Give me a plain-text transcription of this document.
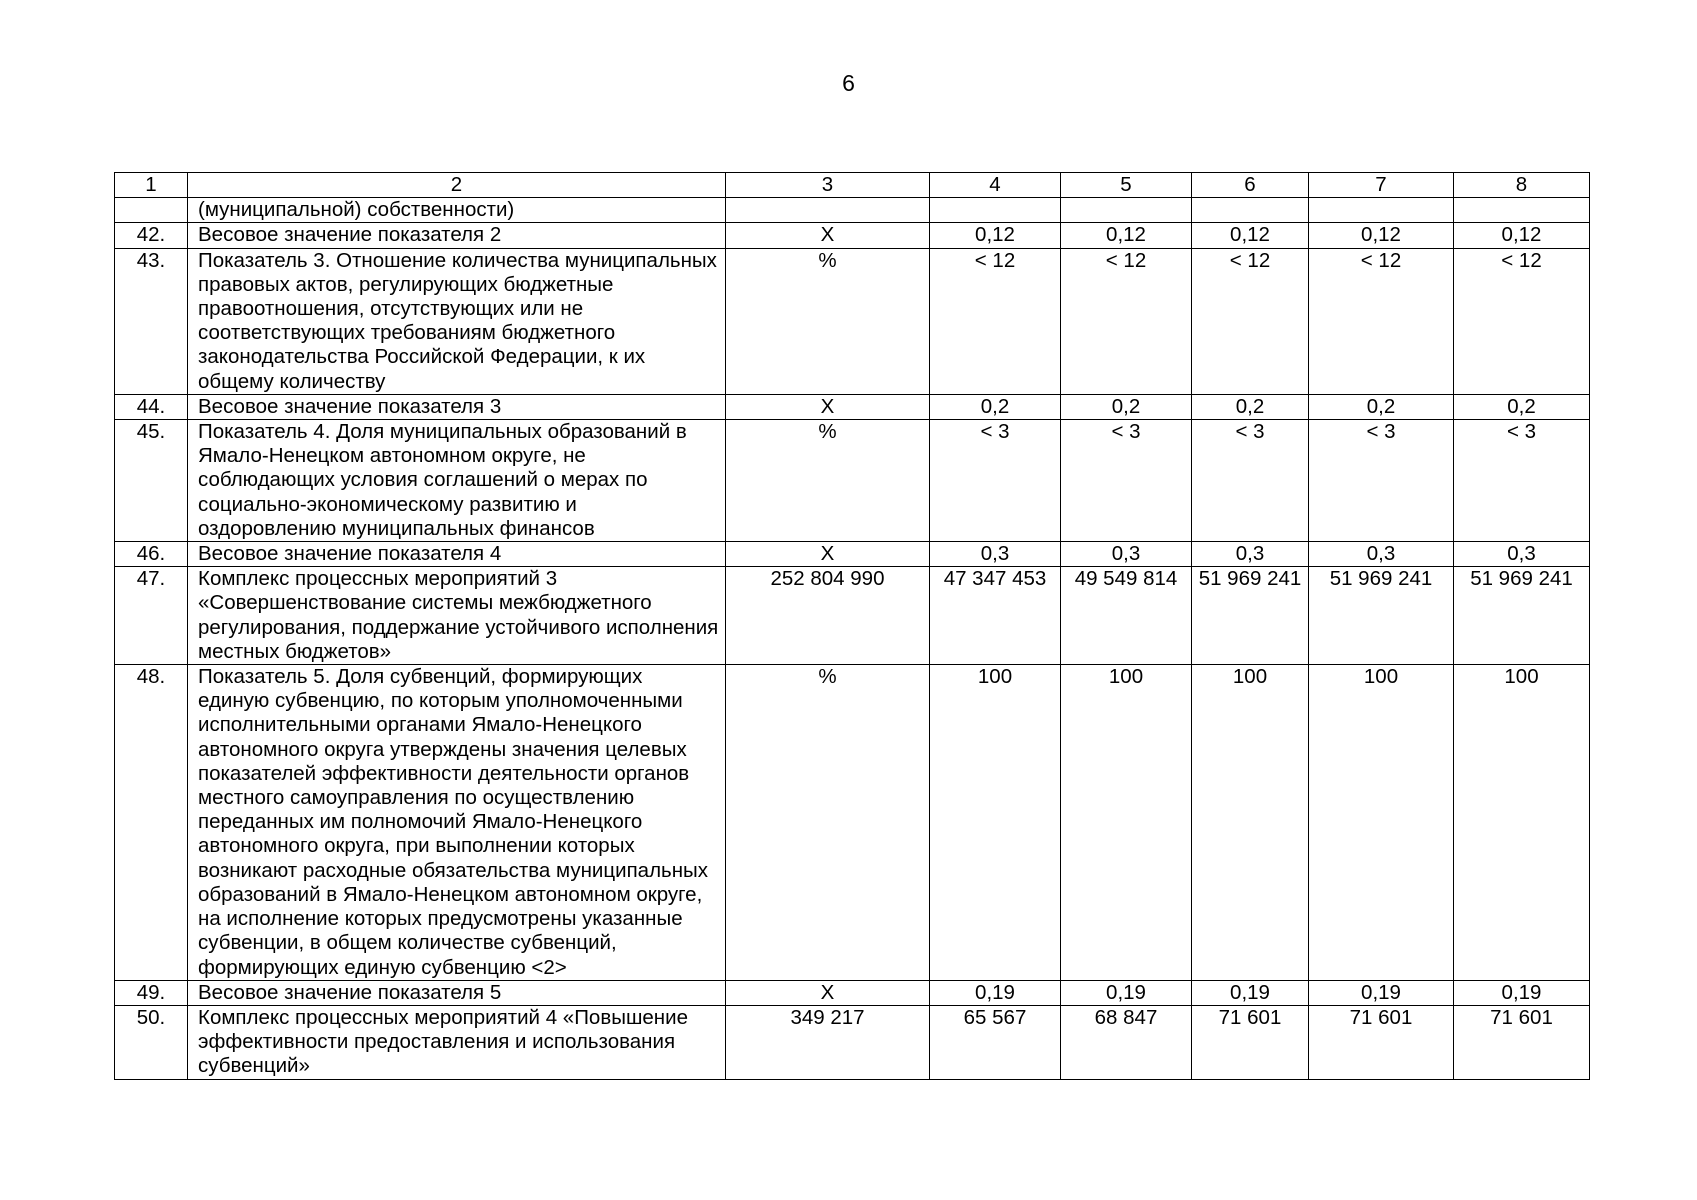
6
1	2	3	4	5	6	7	8
	(муниципальной) собственности)						
42.	Весовое значение показателя 2	X	0,12	0,12	0,12	0,12	0,12
43.	Показатель 3. Отношение количества муниципальных правовых актов, регулирующих бюджетные правоотношения, отсутствующих или не соответствующих требованиям бюджетного законодательства Российской Федерации, к их общему количеству	%	< 12	< 12	< 12	< 12	< 12
44.	Весовое значение показателя 3	X	0,2	0,2	0,2	0,2	0,2
45.	Показатель 4. Доля муниципальных образований в Ямало-Ненецком автономном округе, не соблюдающих условия соглашений о мерах по социально-экономическому развитию и оздоровлению муниципальных финансов	%	< 3	< 3	< 3	< 3	< 3
46.	Весовое значение показателя 4	X	0,3	0,3	0,3	0,3	0,3
47.	Комплекс процессных мероприятий 3 «Совершенствование системы межбюджетного регулирования, поддержание устойчивого исполнения местных бюджетов»	252 804 990	47 347 453	49 549 814	51 969 241	51 969 241	51 969 241
48.	Показатель 5. Доля субвенций, формирующих единую субвенцию, по которым уполномоченными исполнительными органами Ямало-Ненецкого автономного округа утверждены значения целевых показателей эффективности деятельности органов местного самоуправления по осуществлению переданных им полномочий Ямало-Ненецкого автономного округа, при выполнении которых возникают расходные обязательства муниципальных образований в Ямало-Ненецком автономном округе, на исполнение которых предусмотрены указанные субвенции, в общем количестве субвенций, формирующих единую субвенцию <2>	%	100	100	100	100	100
49.	Весовое значение показателя 5	X	0,19	0,19	0,19	0,19	0,19
50.	Комплекс процессных мероприятий 4 «Повышение эффективности предоставления и использования субвенций»	349 217	65 567	68 847	71 601	71 601	71 601
